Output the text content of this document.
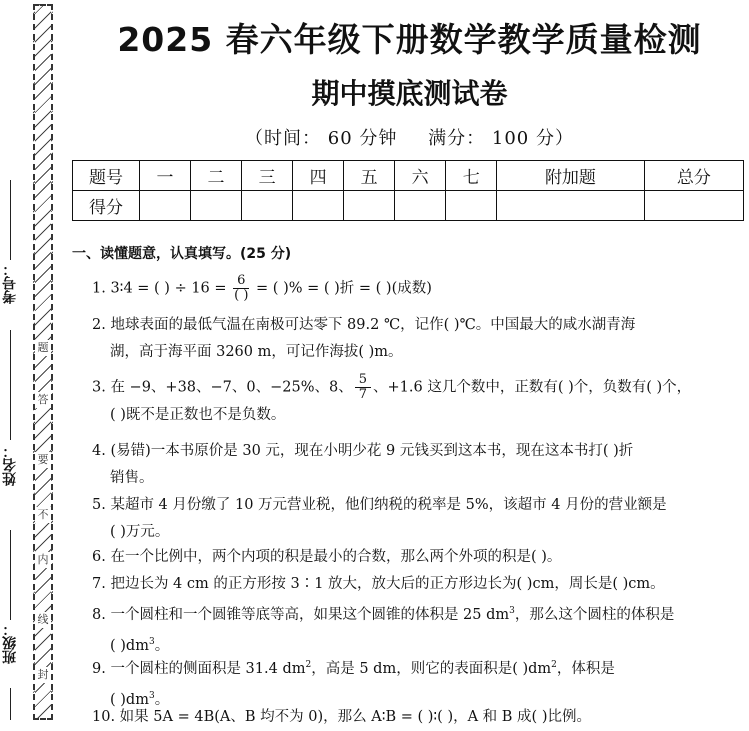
题
答
要
不
内
线
封
考号：
姓名：
班级：
2025 春六年级下册数学教学质量检测
期中摸底测试卷
（时间： 60 分钟 满分： 100 分）
题号	一	二	三	四	五	六	七	附加题	总分
得分									
一、读懂题意，认真填写。(25 分)
1. 3∶4 = ( ) ÷ $16 = \frac{6}{( )}$ = ( )% = ( )折 = ( )(成数)
2. 地球表面的最低气温在南极可达零下 89.2 ℃，记作( )℃。中国最大的咸水湖青海
湖，高于海平面 3260 m，可记作海拔( )m。
3. 在 −9、+38、−7、0、−25%、8、 $\frac{5}{7}$ 、+1.6 这几个数中，正数有( )个，负数有( )个，
( )既不是正数也不是负数。
4. (易错)一本书原价是 30 元，现在小明少花 9 元钱买到这本书，现在这本书打( )折
销售。
5. 某超市 4 月份缴了 10 万元营业税，他们纳税的税率是 5%，该超市 4 月份的营业额是
( )万元。
6. 在一个比例中，两个内项的积是最小的合数，那么两个外项的积是( )。
7. 把边长为 4 cm 的正方形按 3∶1 放大，放大后的正方形边长为( )cm，周长是( )cm。
8. 一个圆柱和一个圆锥等底等高，如果这个圆锥的体积是 25 $dm^3$，那么这个圆柱的体积是
( )$dm^3$。
9. 一个圆柱的侧面积是 31.4 $dm^2$，高是 5 dm，则它的表面积是( )$dm^2$，体积是
( )$dm^3$。
10. 如果 5A = 4B(A、B 均不为 0)，那么 A∶B = ( )∶( )，A 和 B 成( )比例。
